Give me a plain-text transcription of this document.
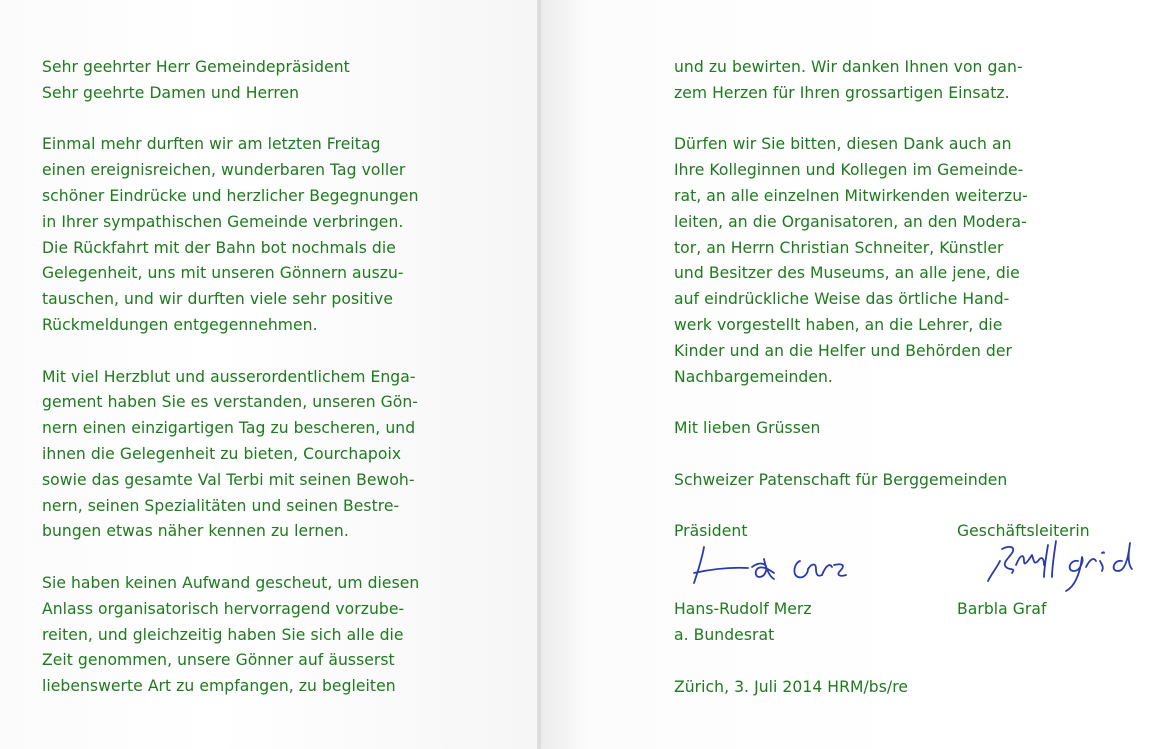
Sehr geehrter Herr Gemeindepräsident
Sehr geehrte Damen und Herren
Einmal mehr durften wir am letzten Freitag
einen ereignisreichen, wunderbaren Tag voller
schöner Eindrücke und herzlicher Begegnungen
in Ihrer sympathischen Gemeinde verbringen.
Die Rückfahrt mit der Bahn bot nochmals die
Gelegenheit, uns mit unseren Gönnern auszu-
tauschen, und wir durften viele sehr positive
Rückmeldungen entgegennehmen.
Mit viel Herzblut und ausserordentlichem Enga-
gement haben Sie es verstanden, unseren Gön-
nern einen einzigartigen Tag zu bescheren, und
ihnen die Gelegenheit zu bieten, Courchapoix
sowie das gesamte Val Terbi mit seinen Bewoh-
nern, seinen Spezialitäten und seinen Bestre-
bungen etwas näher kennen zu lernen.
Sie haben keinen Aufwand gescheut, um diesen
Anlass organisatorisch hervorragend vorzube-
reiten, und gleichzeitig haben Sie sich alle die
Zeit genommen, unsere Gönner auf äusserst
liebenswerte Art zu empfangen, zu begleiten
und zu bewirten. Wir danken Ihnen von gan-
zem Herzen für Ihren grossartigen Einsatz.
Dürfen wir Sie bitten, diesen Dank auch an
Ihre Kolleginnen und Kollegen im Gemeinde-
rat, an alle einzelnen Mitwirkenden weiterzu-
leiten, an die Organisatoren, an den Modera-
tor, an Herrn Christian Schneiter, Künstler
und Besitzer des Museums, an alle jene, die
auf eindrückliche Weise das örtliche Hand-
werk vorgestellt haben, an die Lehrer, die
Kinder und an die Helfer und Behörden der
Nachbargemeinden.
Mit lieben Grüssen
Schweizer Patenschaft für Berggemeinden
Präsident	Geschäftsleiterin
Hans-Rudolf Merz	Barbla Graf
a. Bundesrat
Zürich, 3. Juli 2014 HRM/bs/re
